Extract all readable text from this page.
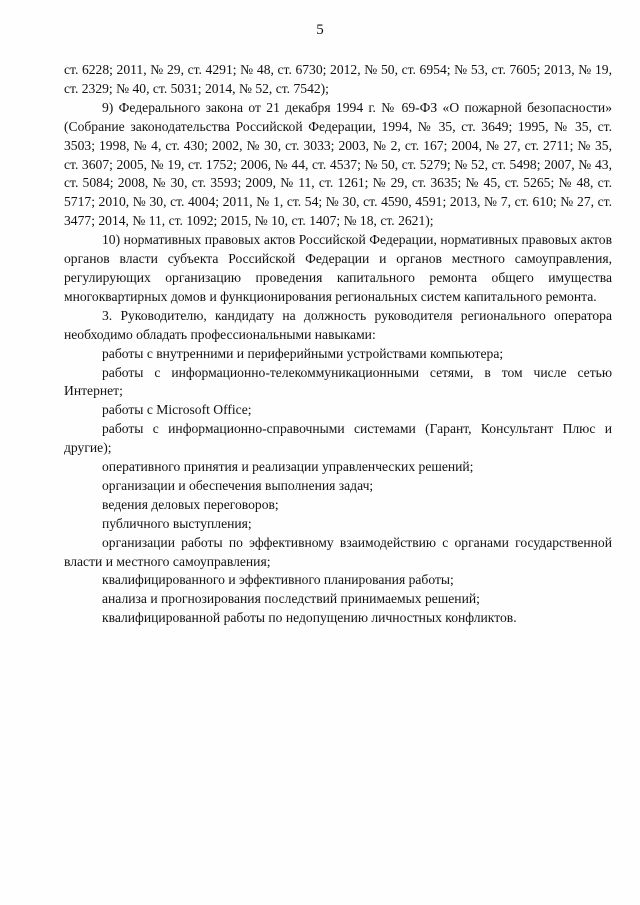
5

ст. 6228; 2011, № 29, ст. 4291; № 48, ст. 6730; 2012, № 50, ст. 6954; № 53, ст. 7605; 2013, № 19, ст. 2329; № 40, ст. 5031; 2014, № 52, ст. 7542);

9) Федерального закона от 21 декабря 1994 г. № 69-ФЗ «О пожарной безопасности» (Собрание законодательства Российской Федерации, 1994, № 35, ст. 3649; 1995, № 35, ст. 3503; 1998, № 4, ст. 430; 2002, № 30, ст. 3033; 2003, № 2, ст. 167; 2004, № 27, ст. 2711; № 35, ст. 3607; 2005, № 19, ст. 1752; 2006, № 44, ст. 4537; № 50, ст. 5279; № 52, ст. 5498; 2007, № 43, ст. 5084; 2008, № 30, ст. 3593; 2009, № 11, ст. 1261; № 29, ст. 3635; № 45, ст. 5265; № 48, ст. 5717; 2010, № 30, ст. 4004; 2011, № 1, ст. 54; № 30, ст. 4590, 4591; 2013, № 7, ст. 610; № 27, ст. 3477; 2014, № 11, ст. 1092; 2015, № 10, ст. 1407; № 18, ст. 2621);

10) нормативных правовых актов Российской Федерации, нормативных правовых актов органов власти субъекта Российской Федерации и органов местного самоуправления, регулирующих организацию проведения капитального ремонта общего имущества многоквартирных домов и функционирования региональных систем капитального ремонта.

3. Руководителю, кандидату на должность руководителя регионального оператора необходимо обладать профессиональными навыками:

работы с внутренними и периферийными устройствами компьютера;

работы с информационно-телекоммуникационными сетями, в том числе сетью Интернет;

работы с Microsoft Office;

работы с информационно-справочными системами (Гарант, Консультант Плюс и другие);

оперативного принятия и реализации управленческих решений;

организации и обеспечения выполнения задач;

ведения деловых переговоров;

публичного выступления;

организации работы по эффективному взаимодействию с органами государственной власти и местного самоуправления;

квалифицированного и эффективного планирования работы;

анализа и прогнозирования последствий принимаемых решений;

квалифицированной работы по недопущению личностных конфликтов.
